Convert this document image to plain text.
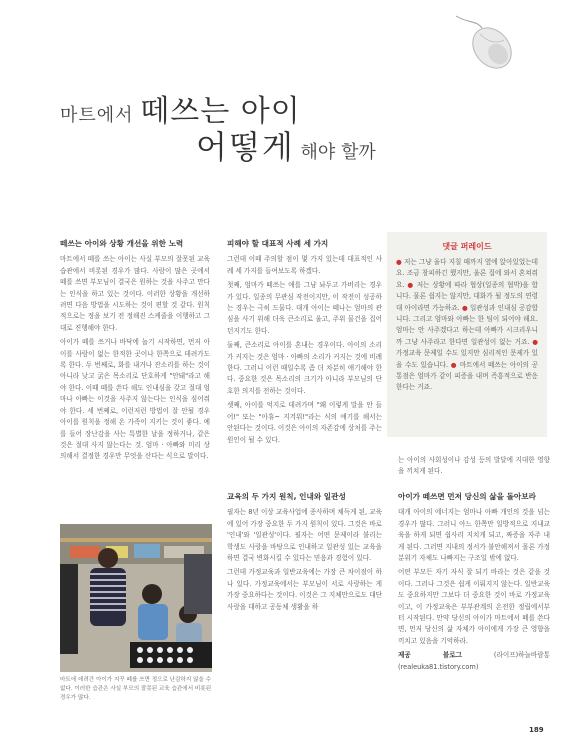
마트에서 떼쓰는 아이
어떻게 해야 할까
떼쓰는 아이와 상황 개선을 위한 노력

마트에서 떼를 쓰는 아이는 사실 부모의 잘못된 교육 습관에서 비롯된 경우가 많다. 사람이 많은 곳에서 떼를 쓰면 부모님이 결국은 원하는 것을 사주고 만다는 인식을 하고 있는 것이다. 이러한 상황을 개선하려면 다음 방법을 시도하는 것이 편할 것 같다. 원칙적으로는 정을 보기 전 정해진 스케줄을 이행하고 그대로 진행해야 한다.

아이가 떼를 쓰거나 바닥에 눕기 시작하면, 먼저 아이를 사람이 없는 한적한 곳이나 한쪽으로 데려가도록 한다. 두 번째로, 화를 내거나 잔소리를 하는 것이 아니라 낮고 굵은 목소리로 단호하게 "안돼"라고 해야 한다. 이때 떼를 쓴다 해도 인내심을 갖고 절대 엄마나 아빠는 이것을 사주지 않는다는 인식을 심어줘야 한다. 세 번째로, 이런저런 방법이 잘 안될 경우 아이를 원칙을 정해 온 가족이 지키는 것이 좋다. 예를 들어 장난감을 사는 특별한 날을 정하거나, 같은 것은 절대 사지 않는다는 것. 엄마 · 아빠와 미리 상의해서 결정한 경우만 무엇을 산다는 식으로 말이다.

피해야 할 대표적 사례 세 가지

그런데 이때 주의할 점이 몇 가지 있는데 대표적인 사례 세 가지를 들여보도록 하겠다.

첫째, 엄마가 떼쓰는 애를 그냥 놔두고 가버리는 경우가 있다. 일종의 무관심 작전이지만, 이 작전이 성공하는 경우는 극히 드물다. 대개 아이는 떼나는 엄마의 관심을 사기 위해 더욱 큰소리로 울고, 주위 물건을 집어 던지기도 한다.

둘째, 큰소리로 아이를 혼내는 경우이다. 아이의 소리가 커지는 것은 엄마 · 아빠의 소리가 커지는 것에 비례한다. 그러니 이런 때일수록 좀 더 차분히 얘기해야 한다. 중요한 것은 목소리의 크기가 아니라 부모님의 단호한 의지를 전하는 것이다.

셋째, 아이를 억지로 데려가며 "왜 이렇게 말을 안 들어!" 또는 "아휴~ 지겨워!"라는 식의 얘기를 해서는 안된다는 것이다. 이것은 아이의 자존감에 상처를 주는 원인이 될 수 있다.

댓글 퍼레이드
● 저는 그냥 울다 지칠 때까지 옆에 앉아있었는데요. 조금 창피하긴 했지만, 울론 집에 와서 혼쳐줘요. ● 저는 상황에 따라 협상(일종의 협박)을 합니다. 물론 쉽지는 않지만, 대화가 될 정도의 연령대 아이라면 가능하죠. ● 일관성과 인내심 공감합니다. 그리고 엄마와 아빠는 한 팀이 되어야 해요. 엄마는 안 사주겠다고 하는데 아빠가 시크리우니까 그냥 사주라고 한다면 일관성이 없는 거죠. ● 가정교육 문제일 수도 있지만 심리적인 문제가 있을 수도 있습니다. ● 마트에서 떼쓰는 아이의 공통점은 엄마가 같이 피증을 내며 즉흥적으로 반응한다는 거죠.

는 아이의 사회성이나 감성 등의 발달에 지대한 영향을 끼치게 된다.

교육의 두 가지 원칙, 인내와 일관성

필자는 8년 이상 교육사업에 종사하며 체득게 된, 교육에 있어 가장 중요한 두 가지 원칙이 있다. 그것은 바로 '인내'와 '일관성'이다. 필자는 어떤 문제이라 불리는 학생도 사랑을 바탕으로 인내하고 일관성 있는 교육을 하면 결국 변화시킬 수 있다는 믿음과 경험이 있다.

그런데 가정교육과 일반교육에는 가장 큰 차이점이 하나 있다. 가정교육에서는 부모님이 서로 사랑하는 게 가장 중요하다는 것이다. 이것은 그 지체만으로도 대단 사랑을 대하고 공동체 생활을 하

아이가 떼쓰면 먼저 당신의 삶을 돌아보라

대개 아이의 에너지는 엄마나 아빠 개인의 것을 넘는 경우가 많다. 그러니 아느 한쪽만 일방적으로 지내교육을 하게 되면 쉽사리 지치게 되고, 짜증을 자주 내게 된다. 그러면 지내의 정서가 불안해져서 몰론 가정 분위기 자체도 나빠지는 구조일 밖에 없다.

어떤 부모든 자기 자식 잘 되기 바라는 것은 같을 것이다. 그러나 그것은 쉽게 이뤄지지 않는다. 일반교육도 중요하지만 그보다 더 중요한 것이 바로 가정교육이고, 이 가정교육은 부부관계의 온전한 정립에서부터 시작된다. 만약 당신의 아이가 마트에서 떼를 쓴다면, 먼저 당신의 삶 자체가 아이에게 가장 큰 영향을 끼치고 있음을 기억하라.

제공 블로그	(라이프)하늘바람통(realeuka81.tistory.com)

마트에 데려간 아이가 지꾸 떼를 쓰면 정으로 난감하지 않을 수 없다. 이러한 습관은 사실 부모의 잘못된 교육 습관에서 비롯된 경우가 많다.
189
